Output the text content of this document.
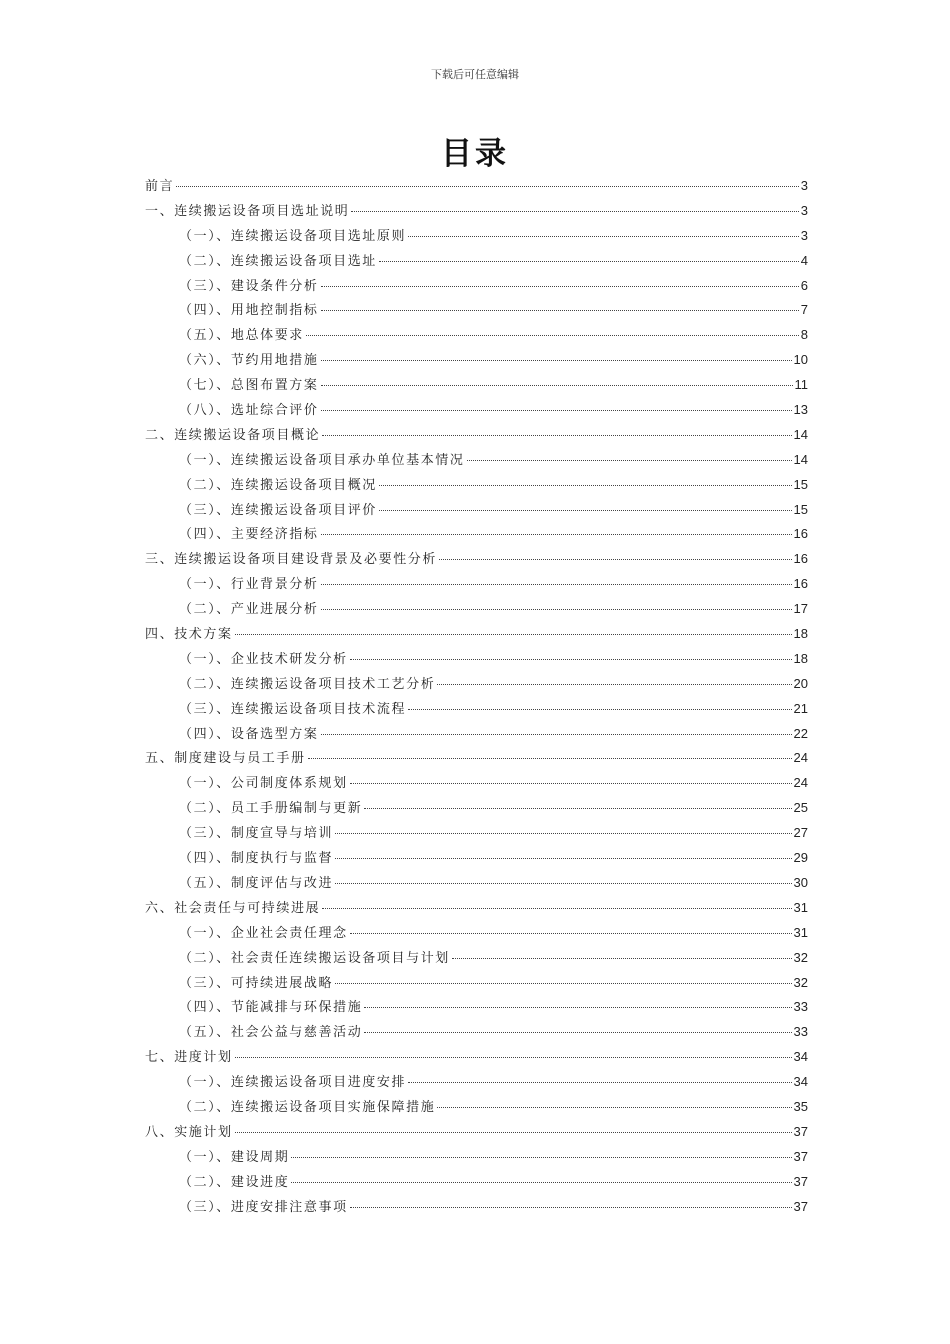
下载后可任意编辑
目录
前言	3
一、连续搬运设备项目选址说明	3
（一）、连续搬运设备项目选址原则	3
（二）、连续搬运设备项目选址	4
（三）、建设条件分析	6
（四）、用地控制指标	7
（五）、地总体要求	8
（六）、节约用地措施	10
（七）、总图布置方案	11
（八）、选址综合评价	13
二、连续搬运设备项目概论	14
（一）、连续搬运设备项目承办单位基本情况	14
（二）、连续搬运设备项目概况	15
（三）、连续搬运设备项目评价	15
（四）、主要经济指标	16
三、连续搬运设备项目建设背景及必要性分析	16
（一）、行业背景分析	16
（二）、产业进展分析	17
四、技术方案	18
（一）、企业技术研发分析	18
（二）、连续搬运设备项目技术工艺分析	20
（三）、连续搬运设备项目技术流程	21
（四）、设备选型方案	22
五、制度建设与员工手册	24
（一）、公司制度体系规划	24
（二）、员工手册编制与更新	25
（三）、制度宣导与培训	27
（四）、制度执行与监督	29
（五）、制度评估与改进	30
六、社会责任与可持续进展	31
（一）、企业社会责任理念	31
（二）、社会责任连续搬运设备项目与计划	32
（三）、可持续进展战略	32
（四）、节能减排与环保措施	33
（五）、社会公益与慈善活动	33
七、进度计划	34
（一）、连续搬运设备项目进度安排	34
（二）、连续搬运设备项目实施保障措施	35
八、实施计划	37
（一）、建设周期	37
（二）、建设进度	37
（三）、进度安排注意事项	37
